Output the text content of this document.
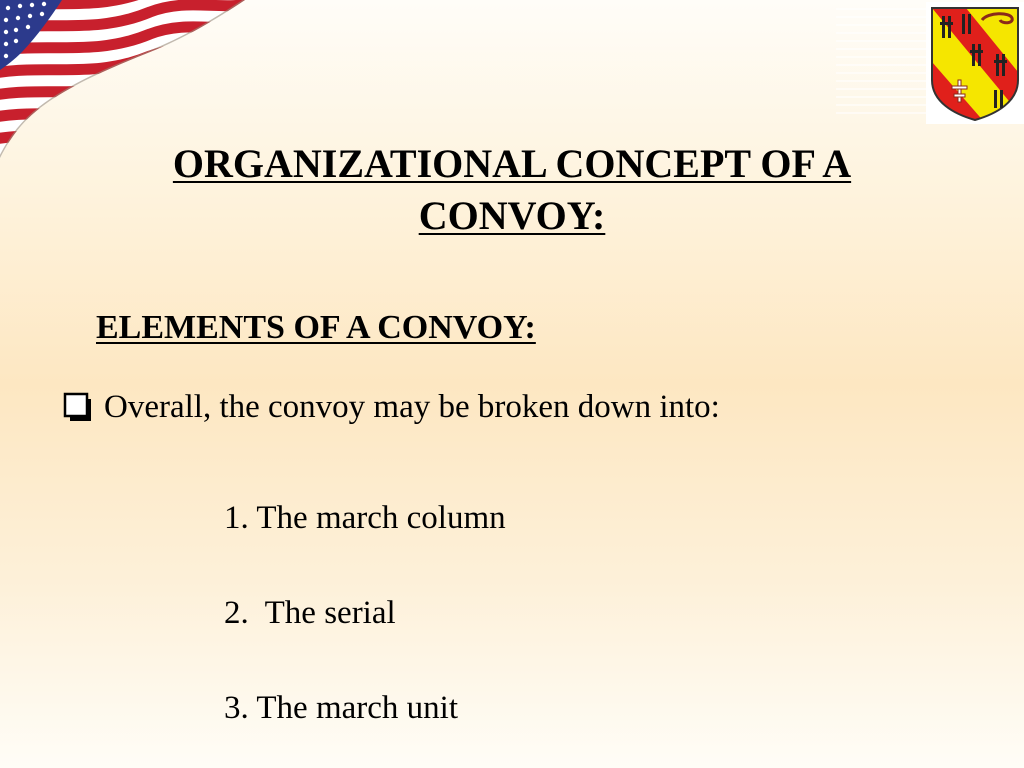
ORGANIZATIONAL CONCEPT OF A
CONVOY:
ELEMENTS OF A CONVOY:
Overall, the convoy may be broken down into:
1. The march column
2.  The serial
3. The march unit
